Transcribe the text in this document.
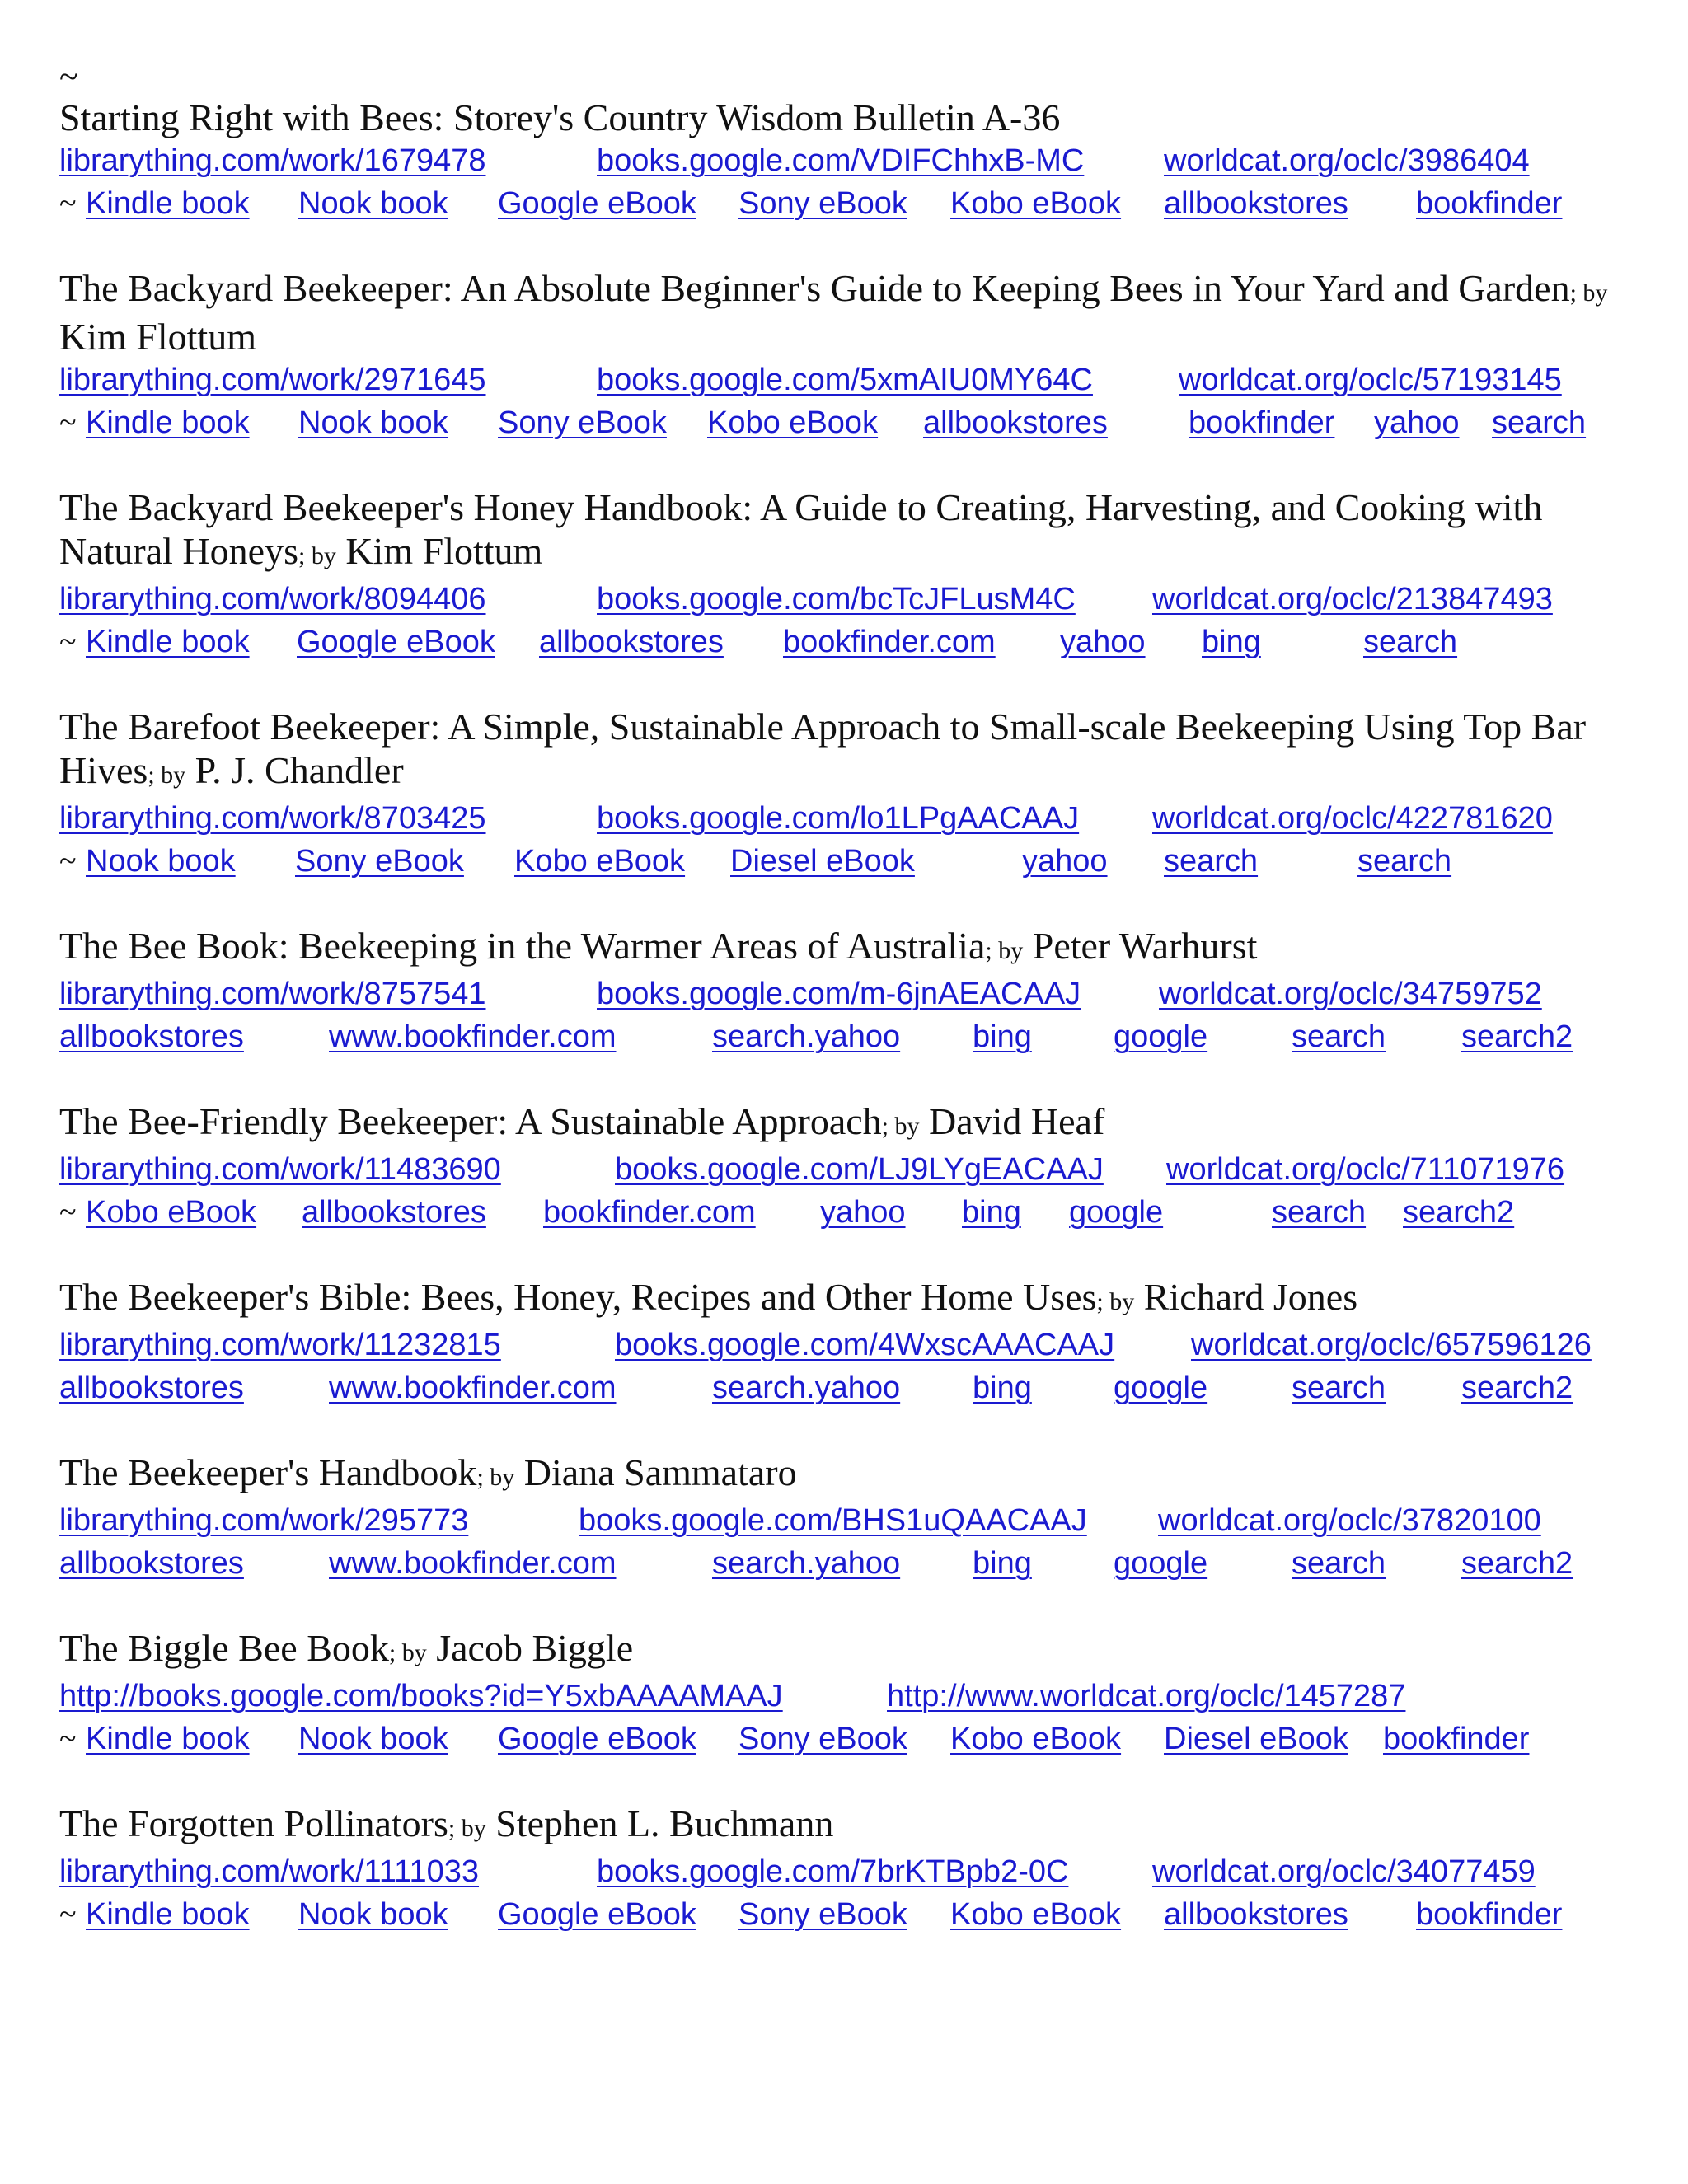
~

Starting Right with Bees: Storey's Country Wisdom Bulletin A-36

librarything.com/work/1679478	books.google.com/VDIFChhxB-MC	worldcat.org/oclc/3986404
~ Kindle book Nook book Google eBook Sony eBook Kobo eBook allbookstores bookfinder

The Backyard Beekeeper: An Absolute Beginner's Guide to Keeping Bees in Your Yard and Garden; by Kim Flottum

librarything.com/work/2971645	books.google.com/5xmAIU0MY64C	worldcat.org/oclc/57193145
~ Kindle book Nook book Sony eBook Kobo eBook allbookstores	bookfinder yahoo search

The Backyard Beekeeper's Honey Handbook: A Guide to Creating, Harvesting, and Cooking with Natural Honeys; by Kim Flottum

librarything.com/work/8094406	books.google.com/bcTcJFLusM4C worldcat.org/oclc/213847493
~ Kindle book Google eBook allbookstores bookfinder.com yahoo bing	search

The Barefoot Beekeeper: A Simple, Sustainable Approach to Small-scale Beekeeping Using Top Bar Hives; by P. J. Chandler

librarything.com/work/8703425	books.google.com/lo1LPgAACAAJ worldcat.org/oclc/422781620
~ Nook book Sony eBook Kobo eBook Diesel eBook	yahoo search	search

The Bee Book: Beekeeping in the Warmer Areas of Australia; by Peter Warhurst

librarything.com/work/8757541	books.google.com/m-6jnAEACAAJ worldcat.org/oclc/34759752
allbookstores	www.bookfinder.com	search.yahoo bing	google	search search2

The Bee-Friendly Beekeeper: A Sustainable Approach; by David Heaf

librarything.com/work/11483690	books.google.com/LJ9LYgEACAAJ worldcat.org/oclc/711071976
~ Kobo eBook allbookstores bookfinder.com yahoo bing google	search search2

The Beekeeper's Bible: Bees, Honey, Recipes and Other Home Uses; by Richard Jones

librarything.com/work/11232815	books.google.com/4WxscAAACAAJ worldcat.org/oclc/657596126
allbookstores	www.bookfinder.com	search.yahoo bing	google	search search2

The Beekeeper's Handbook; by Diana Sammataro

librarything.com/work/295773	books.google.com/BHS1uQAACAAJ worldcat.org/oclc/37820100
allbookstores	www.bookfinder.com	search.yahoo bing	google	search search2

The Biggle Bee Book; by Jacob Biggle

http://books.google.com/books?id=Y5xbAAAAMAAJ	http://www.worldcat.org/oclc/1457287
~ Kindle book Nook book Google eBook Sony eBook Kobo eBook Diesel eBook bookfinder

The Forgotten Pollinators; by Stephen L. Buchmann

librarything.com/work/1111033	books.google.com/7brKTBpb2-0C	worldcat.org/oclc/34077459
~ Kindle book Nook book Google eBook Sony eBook Kobo eBook allbookstores bookfinder
